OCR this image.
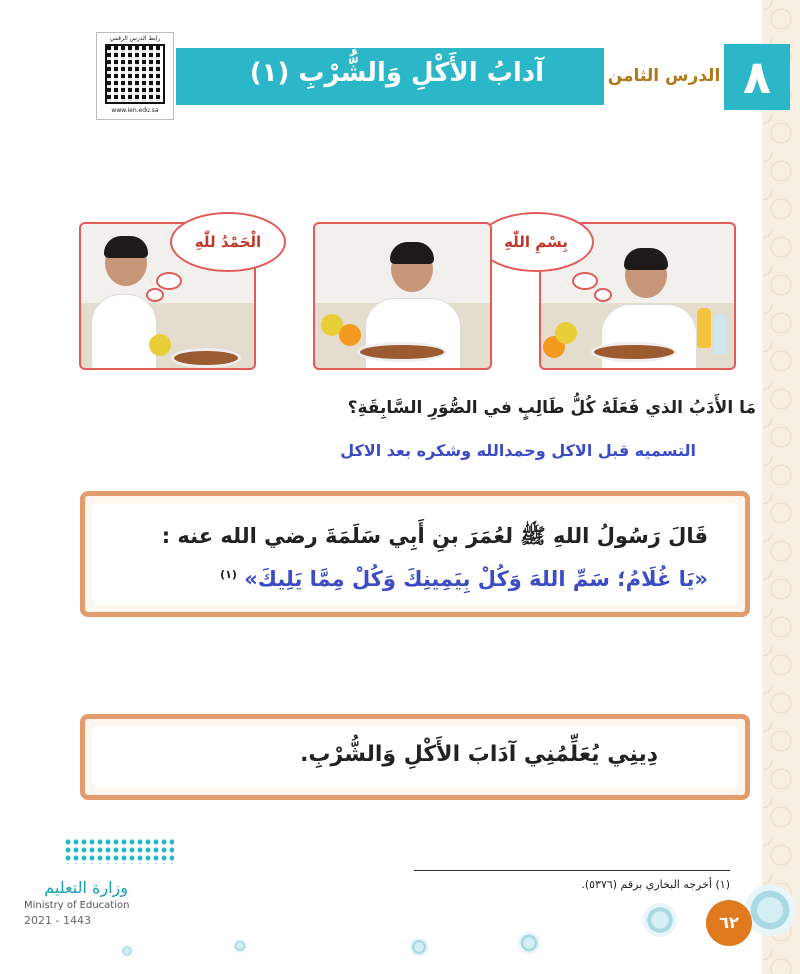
رابط الدرس الرقمي
www.ien.edu.sa
آدابُ الأَكْلِ وَالشُّرْبِ (١)	الدرس الثامن ٨
بِسْمِ اللّٰهِ
الْحَمْدُ للّٰهِ
مَا الأَدَبُ الذي فَعَلَهُ كُلُّ طَالِبٍ في الصُّوَرِ السَّابِقَةِ؟
التسميه قبل الاكل وحمدالله وشكره بعد الاكل
قَالَ رَسُولُ اللهِ ﷺ لعُمَرَ بنِ أَبِي سَلَمَةَ رضي الله عنه :
«يَا غُلَامُ؛ سَمِّ اللهَ وَكُلْ بِيَمِينِكَ وَكُلْ مِمَّا يَلِيكَ» $^{(١)}$
دِينِي يُعَلِّمُنِي آدَابَ الأَكْلِ وَالشُّرْبِ.
وزارة التعليم
Ministry of Education
2021 - 1443
(١) أخرجه البخاري برقم (٥٣٧٦).
٦٢
